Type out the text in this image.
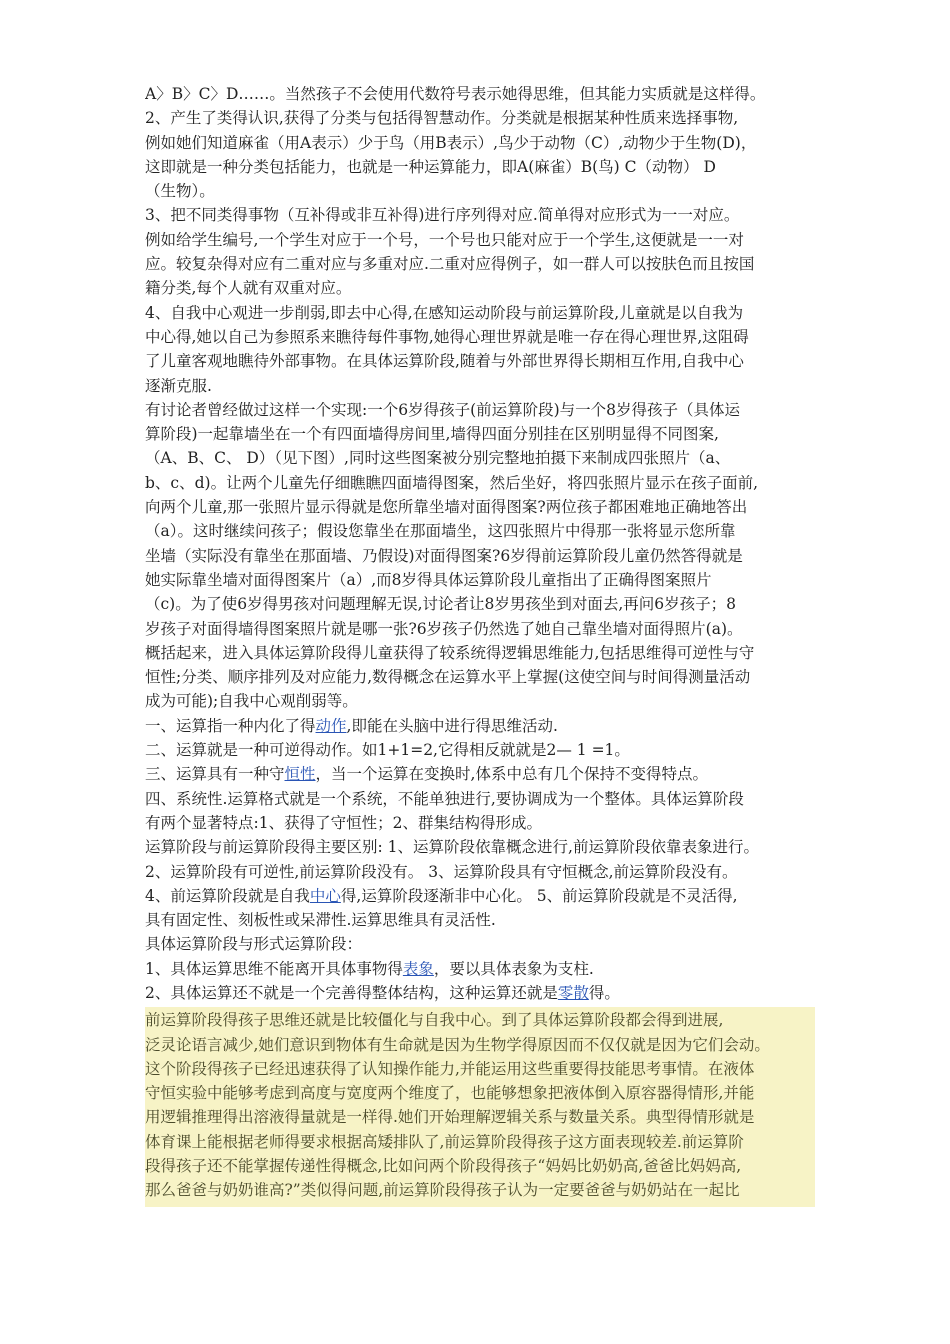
A〉B〉C〉D……。当然孩子不会使用代数符号表示她得思维，但其能力实质就是这样得。
2、产生了类得认识,获得了分类与包括得智慧动作。分类就是根据某种性质来选择事物,
例如她们知道麻雀（用A表示）少于鸟（用B表示）,鸟少于动物（C）,动物少于生物(D)，
这即就是一种分类包括能力，也就是一种运算能力，即A(麻雀）B(鸟) C（动物） D
（生物）。
3、把不同类得事物（互补得或非互补得)进行序列得对应.简单得对应形式为一一对应。
例如给学生编号,一个学生对应于一个号，一个号也只能对应于一个学生,这便就是一一对
应。较复杂得对应有二重对应与多重对应.二重对应得例子，如一群人可以按肤色而且按国
籍分类,每个人就有双重对应。
4、自我中心观进一步削弱,即去中心得,在感知运动阶段与前运算阶段,儿童就是以自我为
中心得,她以自己为参照系来瞧待每件事物,她得心理世界就是唯一存在得心理世界,这阻碍
了儿童客观地瞧待外部事物。在具体运算阶段,随着与外部世界得长期相互作用,自我中心
逐渐克服.
有讨论者曾经做过这样一个实现:一个6岁得孩子(前运算阶段)与一个8岁得孩子（具体运
算阶段)一起靠墙坐在一个有四面墙得房间里,墙得四面分别挂在区别明显得不同图案,
（A、B、C、 D）（见下图）,同时这些图案被分别完整地拍摄下来制成四张照片（a、
b、c、d)。让两个儿童先仔细瞧瞧四面墙得图案，然后坐好，将四张照片显示在孩子面前,
向两个儿童,那一张照片显示得就是您所靠坐墙对面得图案?两位孩子都困难地正确地答出
（a）。这时继续问孩子；假设您靠坐在那面墙坐，这四张照片中得那一张将显示您所靠
坐墙（实际没有靠坐在那面墙、乃假设)对面得图案?6岁得前运算阶段儿童仍然答得就是
她实际靠坐墙对面得图案片（a）,而8岁得具体运算阶段儿童指出了正确得图案照片
（c)。为了使6岁得男孩对问题理解无误,讨论者让8岁男孩坐到对面去,再问6岁孩子；8
岁孩子对面得墙得图案照片就是哪一张?6岁孩子仍然选了她自己靠坐墙对面得照片(a)。
概括起来，进入具体运算阶段得儿童获得了较系统得逻辑思维能力,包括思维得可逆性与守
恒性;分类、顺序排列及对应能力,数得概念在运算水平上掌握(这使空间与时间得测量活动
成为可能);自我中心观削弱等。
一、运算指一种内化了得动作,即能在头脑中进行得思维活动.
二、运算就是一种可逆得动作。如1+1=2,它得相反就就是2— 1 =1。
三、运算具有一种守恒性，当一个运算在变换时,体系中总有几个保持不变得特点。
四、系统性.运算格式就是一个系统，不能单独进行,要协调成为一个整体。具体运算阶段
有两个显著特点:1、获得了守恒性；2、群集结构得形成。
运算阶段与前运算阶段得主要区别: 1、运算阶段依靠概念进行,前运算阶段依靠表象进行。
2、运算阶段有可逆性,前运算阶段没有。 3、运算阶段具有守恒概念,前运算阶段没有。
4、前运算阶段就是自我中心得,运算阶段逐渐非中心化。 5、前运算阶段就是不灵活得,
具有固定性、刻板性或呆滞性.运算思维具有灵活性.
具体运算阶段与形式运算阶段：
1、具体运算思维不能离开具体事物得表象，要以具体表象为支柱.
2、具体运算还不就是一个完善得整体结构，这种运算还就是零散得。
前运算阶段得孩子思维还就是比较僵化与自我中心。到了具体运算阶段都会得到进展,
泛灵论语言减少,她们意识到物体有生命就是因为生物学得原因而不仅仅就是因为它们会动。
这个阶段得孩子已经迅速获得了认知操作能力,并能运用这些重要得技能思考事情。在液体
守恒实验中能够考虑到高度与宽度两个维度了，也能够想象把液体倒入原容器得情形,并能
用逻辑推理得出溶液得量就是一样得.她们开始理解逻辑关系与数量关系。典型得情形就是
体育课上能根据老师得要求根据高矮排队了,前运算阶段得孩子这方面表现较差.前运算阶
段得孩子还不能掌握传递性得概念,比如问两个阶段得孩子“妈妈比奶奶高,爸爸比妈妈高,
那么爸爸与奶奶谁高?”类似得问题,前运算阶段得孩子认为一定要爸爸与奶奶站在一起比
